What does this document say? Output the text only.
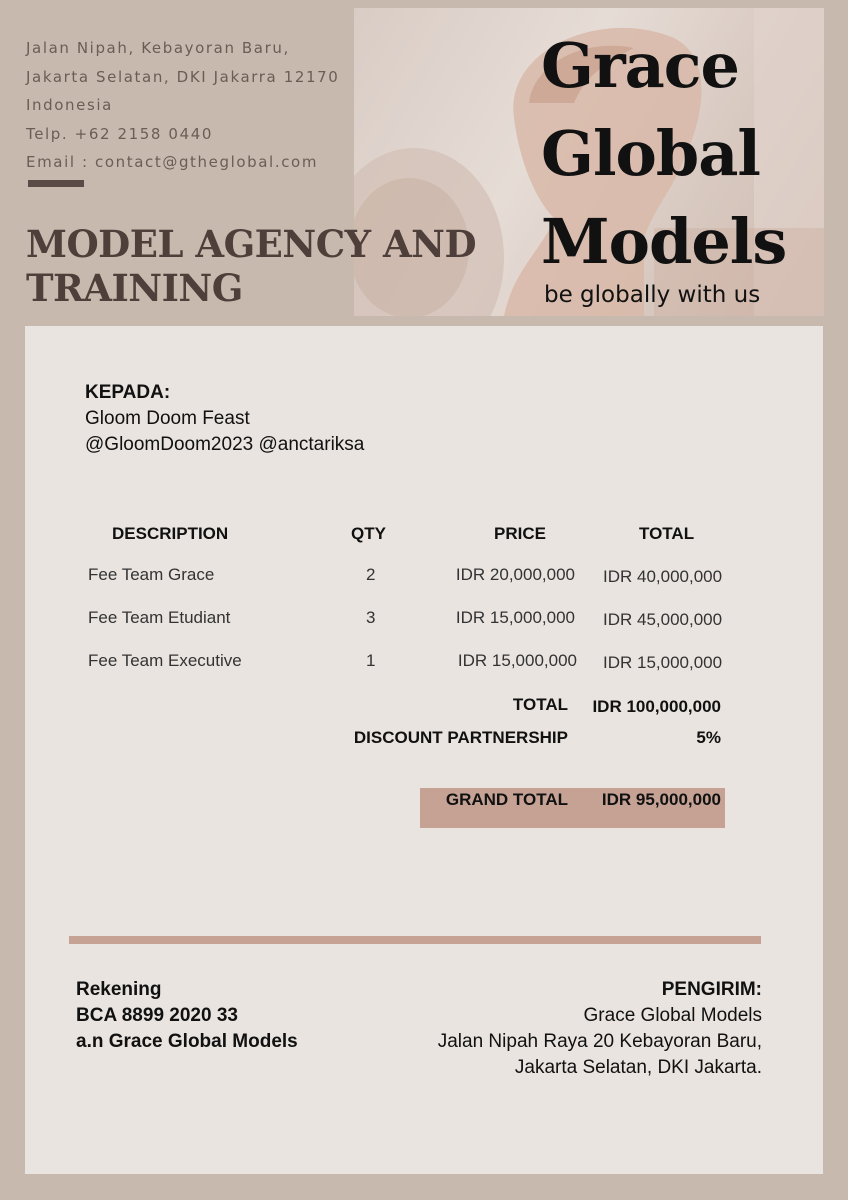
Jalan Nipah, Kebayoran Baru,
Jakarta Selatan, DKI Jakarra 12170
Indonesia
Telp. +62 2158 0440
Email : contact@gtheglobal.com
Grace
Global
Models
be globally with us
MODEL AGENCY AND
TRAINING
KEPADA:
Gloom Doom Feast
@GloomDoom2023 @anctariksa
DESCRIPTION	QTY	PRICE	TOTAL
Fee Team Grace	2	IDR 20,000,000 IDR 40,000,000
Fee Team Etudiant	3	IDR 15,000,000 IDR 45,000,000
Fee Team Executive	1	IDR 15,000,000 IDR 15,000,000
TOTAL	IDR 100,000,000
DISCOUNT PARTNERSHIP	5%
GRAND TOTAL	IDR 95,000,000
Rekening
BCA 8899 2020 33
a.n Grace Global Models
PENGIRIM:
Grace Global Models
Jalan Nipah Raya 20 Kebayoran Baru,
Jakarta Selatan, DKI Jakarta.
